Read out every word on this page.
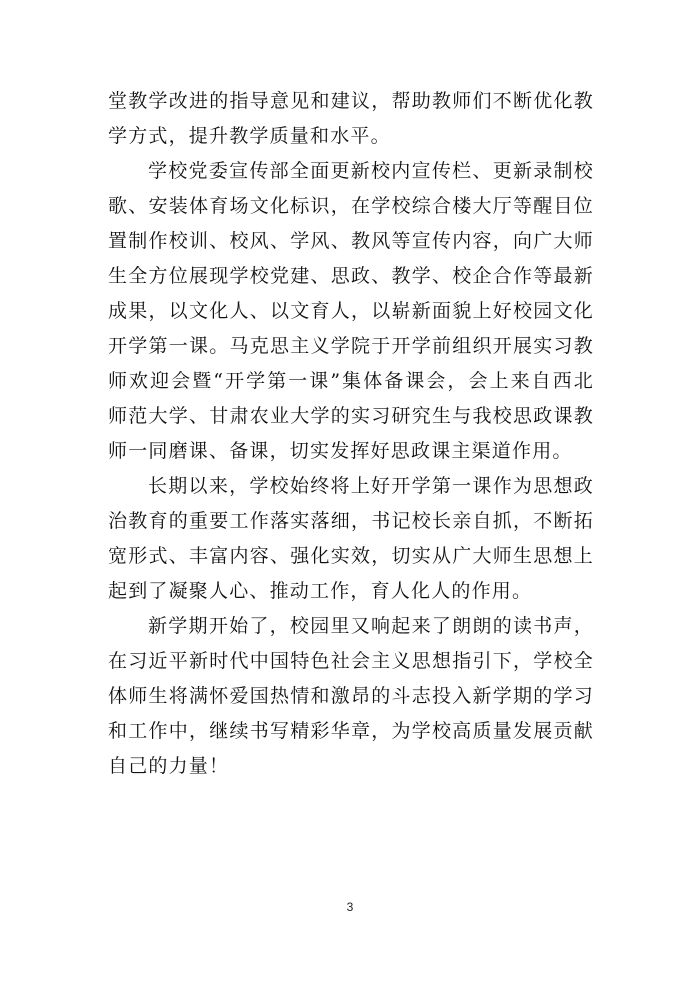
堂教学改进的指导意见和建议，帮助教师们不断优化教学方式，提升教学质量和水平。

学校党委宣传部全面更新校内宣传栏、更新录制校歌、安装体育场文化标识，在学校综合楼大厅等醒目位置制作校训、校风、学风、教风等宣传内容，向广大师生全方位展现学校党建、思政、教学、校企合作等最新成果，以文化人、以文育人，以崭新面貌上好校园文化开学第一课。马克思主义学院于开学前组织开展实习教师欢迎会暨“开学第一课”集体备课会，会上来自西北师范大学、甘肃农业大学的实习研究生与我校思政课教师一同磨课、备课，切实发挥好思政课主渠道作用。

长期以来，学校始终将上好开学第一课作为思想政治教育的重要工作落实落细，书记校长亲自抓，不断拓宽形式、丰富内容、强化实效，切实从广大师生思想上起到了凝聚人心、推动工作，育人化人的作用。

新学期开始了，校园里又响起来了朗朗的读书声，在习近平新时代中国特色社会主义思想指引下，学校全体师生将满怀爱国热情和激昂的斗志投入新学期的学习和工作中，继续书写精彩华章，为学校高质量发展贡献自己的力量！

3
